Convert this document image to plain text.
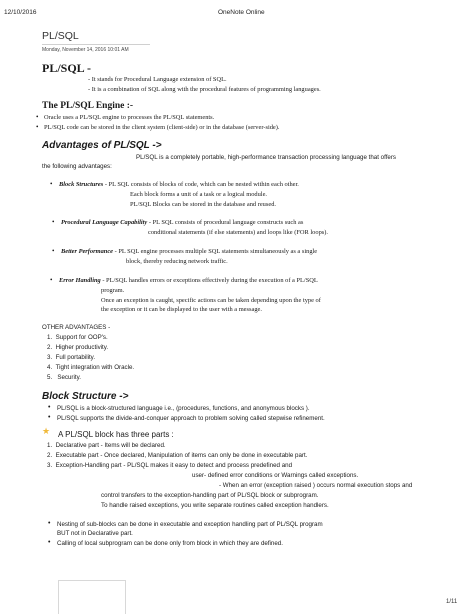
12/10/2016	OneNote Online
PL/SQL
Monday, November 14, 2016 10:01 AM
PL/SQL -
- It stands for Procedural Language extension of SQL.
- It is a combination of SQL along with the procedural features of programming languages.
The PL/SQL Engine :-
• Oracle uses a PL/SQL engine to processes the PL/SQL statements.
• PL/SQL code can be stored in the client system (client-side) or in the database (server-side).
Advantages of PL/SQL ->
PL/SQL is a completely portable, high-performance transaction processing language that offers
the following advantages:
• Block Structures - PL SQL consists of blocks of code, which can be nested within each other.
Each block forms a unit of a task or a logical module.
PL/SQL Blocks can be stored in the database and reused.
• Procedural Language Capability - PL SQL consists of procedural language constructs such as
conditional statements (if else statements) and loops like (FOR loops).
• Better Performance - PL SQL engine processes multiple SQL statements simultaneously as a single
block, thereby reducing network traffic.
• Error Handling - PL/SQL handles errors or exceptions effectively during the execution of a PL/SQL
program.
Once an exception is caught, specific actions can be taken depending upon the type of
the exception or it can be displayed to the user with a message.
OTHER ADVANTAGES -
1.  Support for OOP's.
2.  Higher productivity.
3.  Full portability.
4.  Tight integration with Oracle.
5.   Security.
Block Structure ->
• PL/SQL is a block-structured language i.e., (procedures, functions, and anonymous blocks ).
• PL/SQL supports the divide-and-conquer approach to problem solving called stepwise refinement.
★ A PL/SQL block has three parts :
1.  Declarative part - Items will be declared.
2.  Executable part - Once declared, Manipulation of items can only be done in executable part.
3.  Exception-Handling part - PL/SQL makes it easy to detect and process predefined and
user- defined error conditions or Warnings called exceptions.
- When an error (exception raised ) occurs normal execution stops and
control transfers to the exception-handling part of PL/SQL block or subprogram.
To handle raised exceptions, you write separate routines called exception handlers.
• Nesting of sub-blocks can be done in executable and exception handling part of PL/SQL program
BUT not in Declarative part.
• Calling of local subprogram can be done only from block in which they are defined.
1/11
